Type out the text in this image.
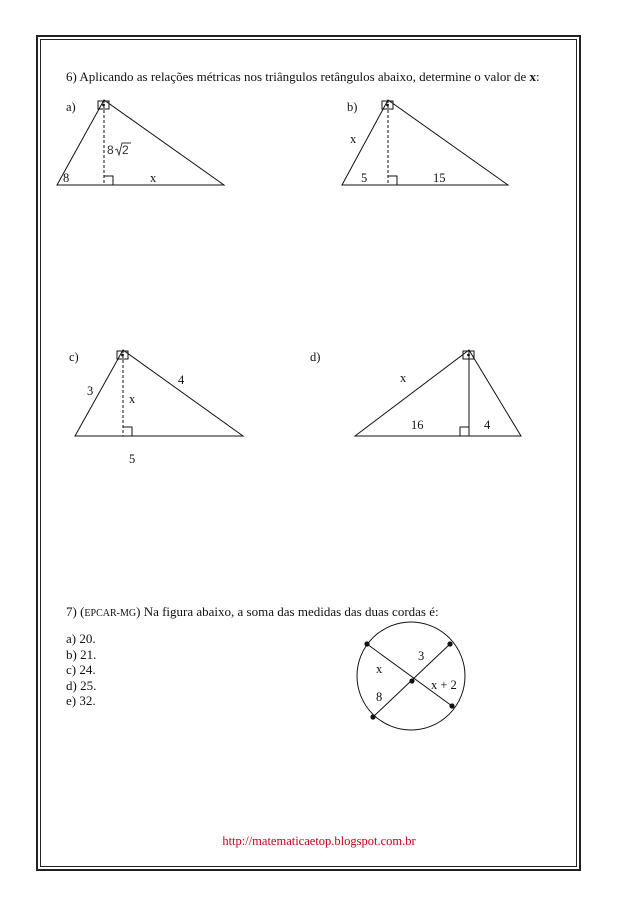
6) Aplicando as relações métricas nos triângulos retângulos abaixo, determine o valor de x:
a)
8 2
8	x
b)
x
5	15
c)
3
4
x
5
d)
x
16	4
7) (EPCAR-MG) Na figura abaixo, a soma das medidas das duas cordas é:
a) 20.
b) 21.
c) 24.
d) 25.
e) 32.
x
3
x + 2
8
http://matematicaetop.blogspot.com.br
